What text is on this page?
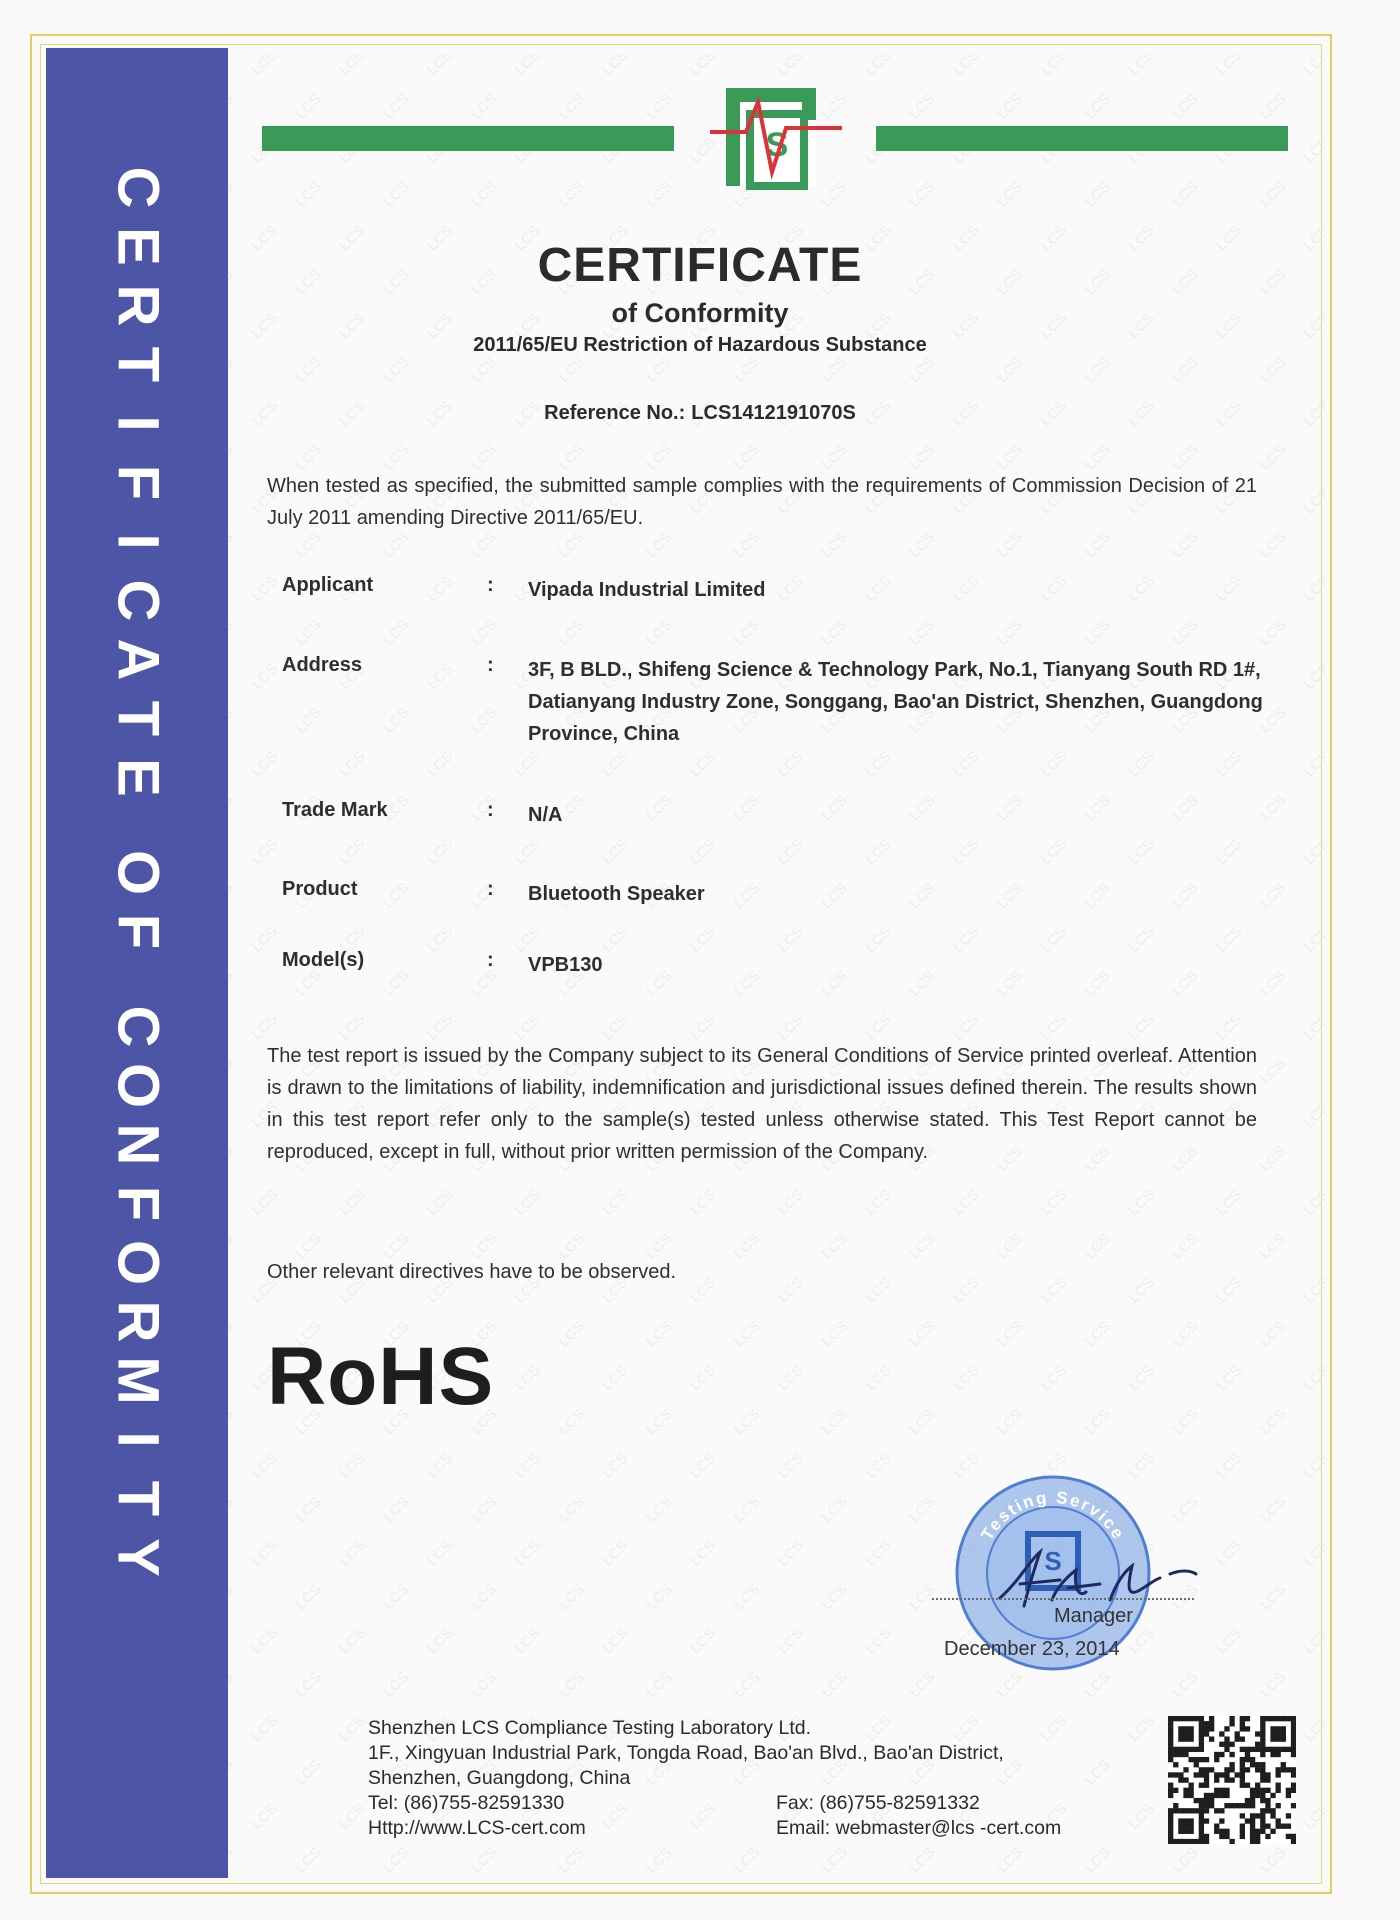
C
E
R
T
I
F
I
C
A
T
E
O
F
C
O
N
F
O
R
M
I
T
Y
S
CERTIFICATE
of Conformity
2011/65/EU Restriction of Hazardous Substance
Reference No.: LCS1412191070S
When tested as specified, the submitted sample complies with the requirements of Commission Decision of 21 July 2011 amending Directive 2011/65/EU.
Applicant	: Vipada Industrial Limited
Address	: 3F, B BLD., Shifeng Science & Technology Park, No.1, Tianyang South RD 1#, Datianyang Industry Zone, Songgang, Bao'an District, Shenzhen, Guangdong Province, China
Trade Mark	: N/A
Product	: Bluetooth Speaker
Model(s)	: VPB130
The test report is issued by the Company subject to its General Conditions of Service printed overleaf. Attention is drawn to the limitations of liability, indemnification and jurisdictional issues defined therein. The results shown in this test report refer only to the sample(s) tested unless otherwise stated. This Test Report cannot be reproduced, except in full, without prior written permission of the Company.
Other relevant directives have to be observed.
RoHS
Testing Service
S
Manager
December 23, 2014
Shenzhen LCS Compliance Testing Laboratory Ltd.
1F., Xingyuan Industrial Park, Tongda Road, Bao'an Blvd., Bao'an District,
Shenzhen, Guangdong, China
Tel: (86)755-82591330	Fax: (86)755-82591332
Http://www.LCS-cert.com	Email: webmaster@lcs -cert.com
